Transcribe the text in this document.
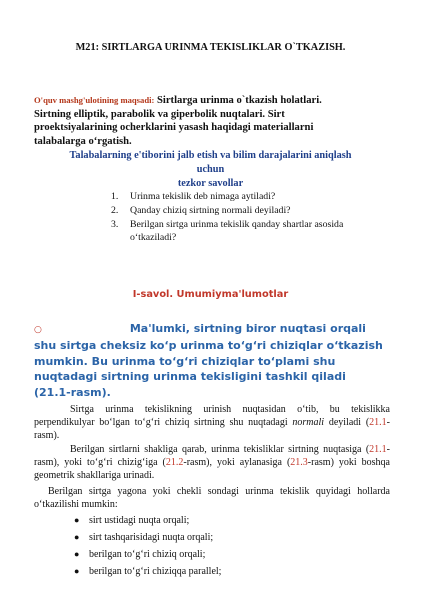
M21: SIRTLARGA URINMA TEKISLIKLAR O`TKAZISH.
O'quv mashg'ulotining maqsadi: Sirtlarga urinma o`tkazish holatlari.
Sirtning elliptik, parabolik va giperbolik nuqtalari. Sirt
proektsiyalarining ocherklarini yasash haqidagi materiallarni
talabalarga o‘rgatish.
Talabalarning e'tiborini jalb etish va bilim darajalarini aniqlash
uchun
tezkor savollar
1. Urinma tekislik deb nimaga aytiladi?
2. Qanday chiziq sirtning normali deyiladi?
3. Berilgan sirtga urinma tekislik qanday shartlar asosida o‘tkaziladi?
I-savol. Umumiyma'lumotlar
○	Ma'lumki, sirtning biror nuqtasi orqali shu sirtga cheksiz ko‘p urinma to‘g‘ri chiziqlar o‘tkazish mumkin. Bu urinma to‘g‘ri chiziqlar to‘plami shu nuqtadagi sirtning urinma tekisligini tashkil qiladi (21.1-rasm).
Sirtga urinma tekislikning urinish nuqtasidan o‘tib, bu tekislikka perpendikulyar bo‘lgan to‘g‘ri chiziq sirtning shu nuqtadagi normali deyiladi (21.1-rasm).
Berilgan sirtlarni shakliga qarab, urinma tekisliklar sirtning nuqtasiga (21.1-rasm), yoki to‘g‘ri chizig‘iga (21.2-rasm), yoki aylanasiga (21.3-rasm) yoki boshqa geometrik shakllariga urinadi.
Berilgan sirtga yagona yoki chekli sondagi urinma tekislik quyidagi hollarda o‘tkazilishi mumkin:
● sirt ustidagi nuqta orqali;
● sirt tashqarisidagi nuqta orqali;
● berilgan to‘g‘ri chiziq orqali;
● berilgan to‘g‘ri chiziqqa parallel;
